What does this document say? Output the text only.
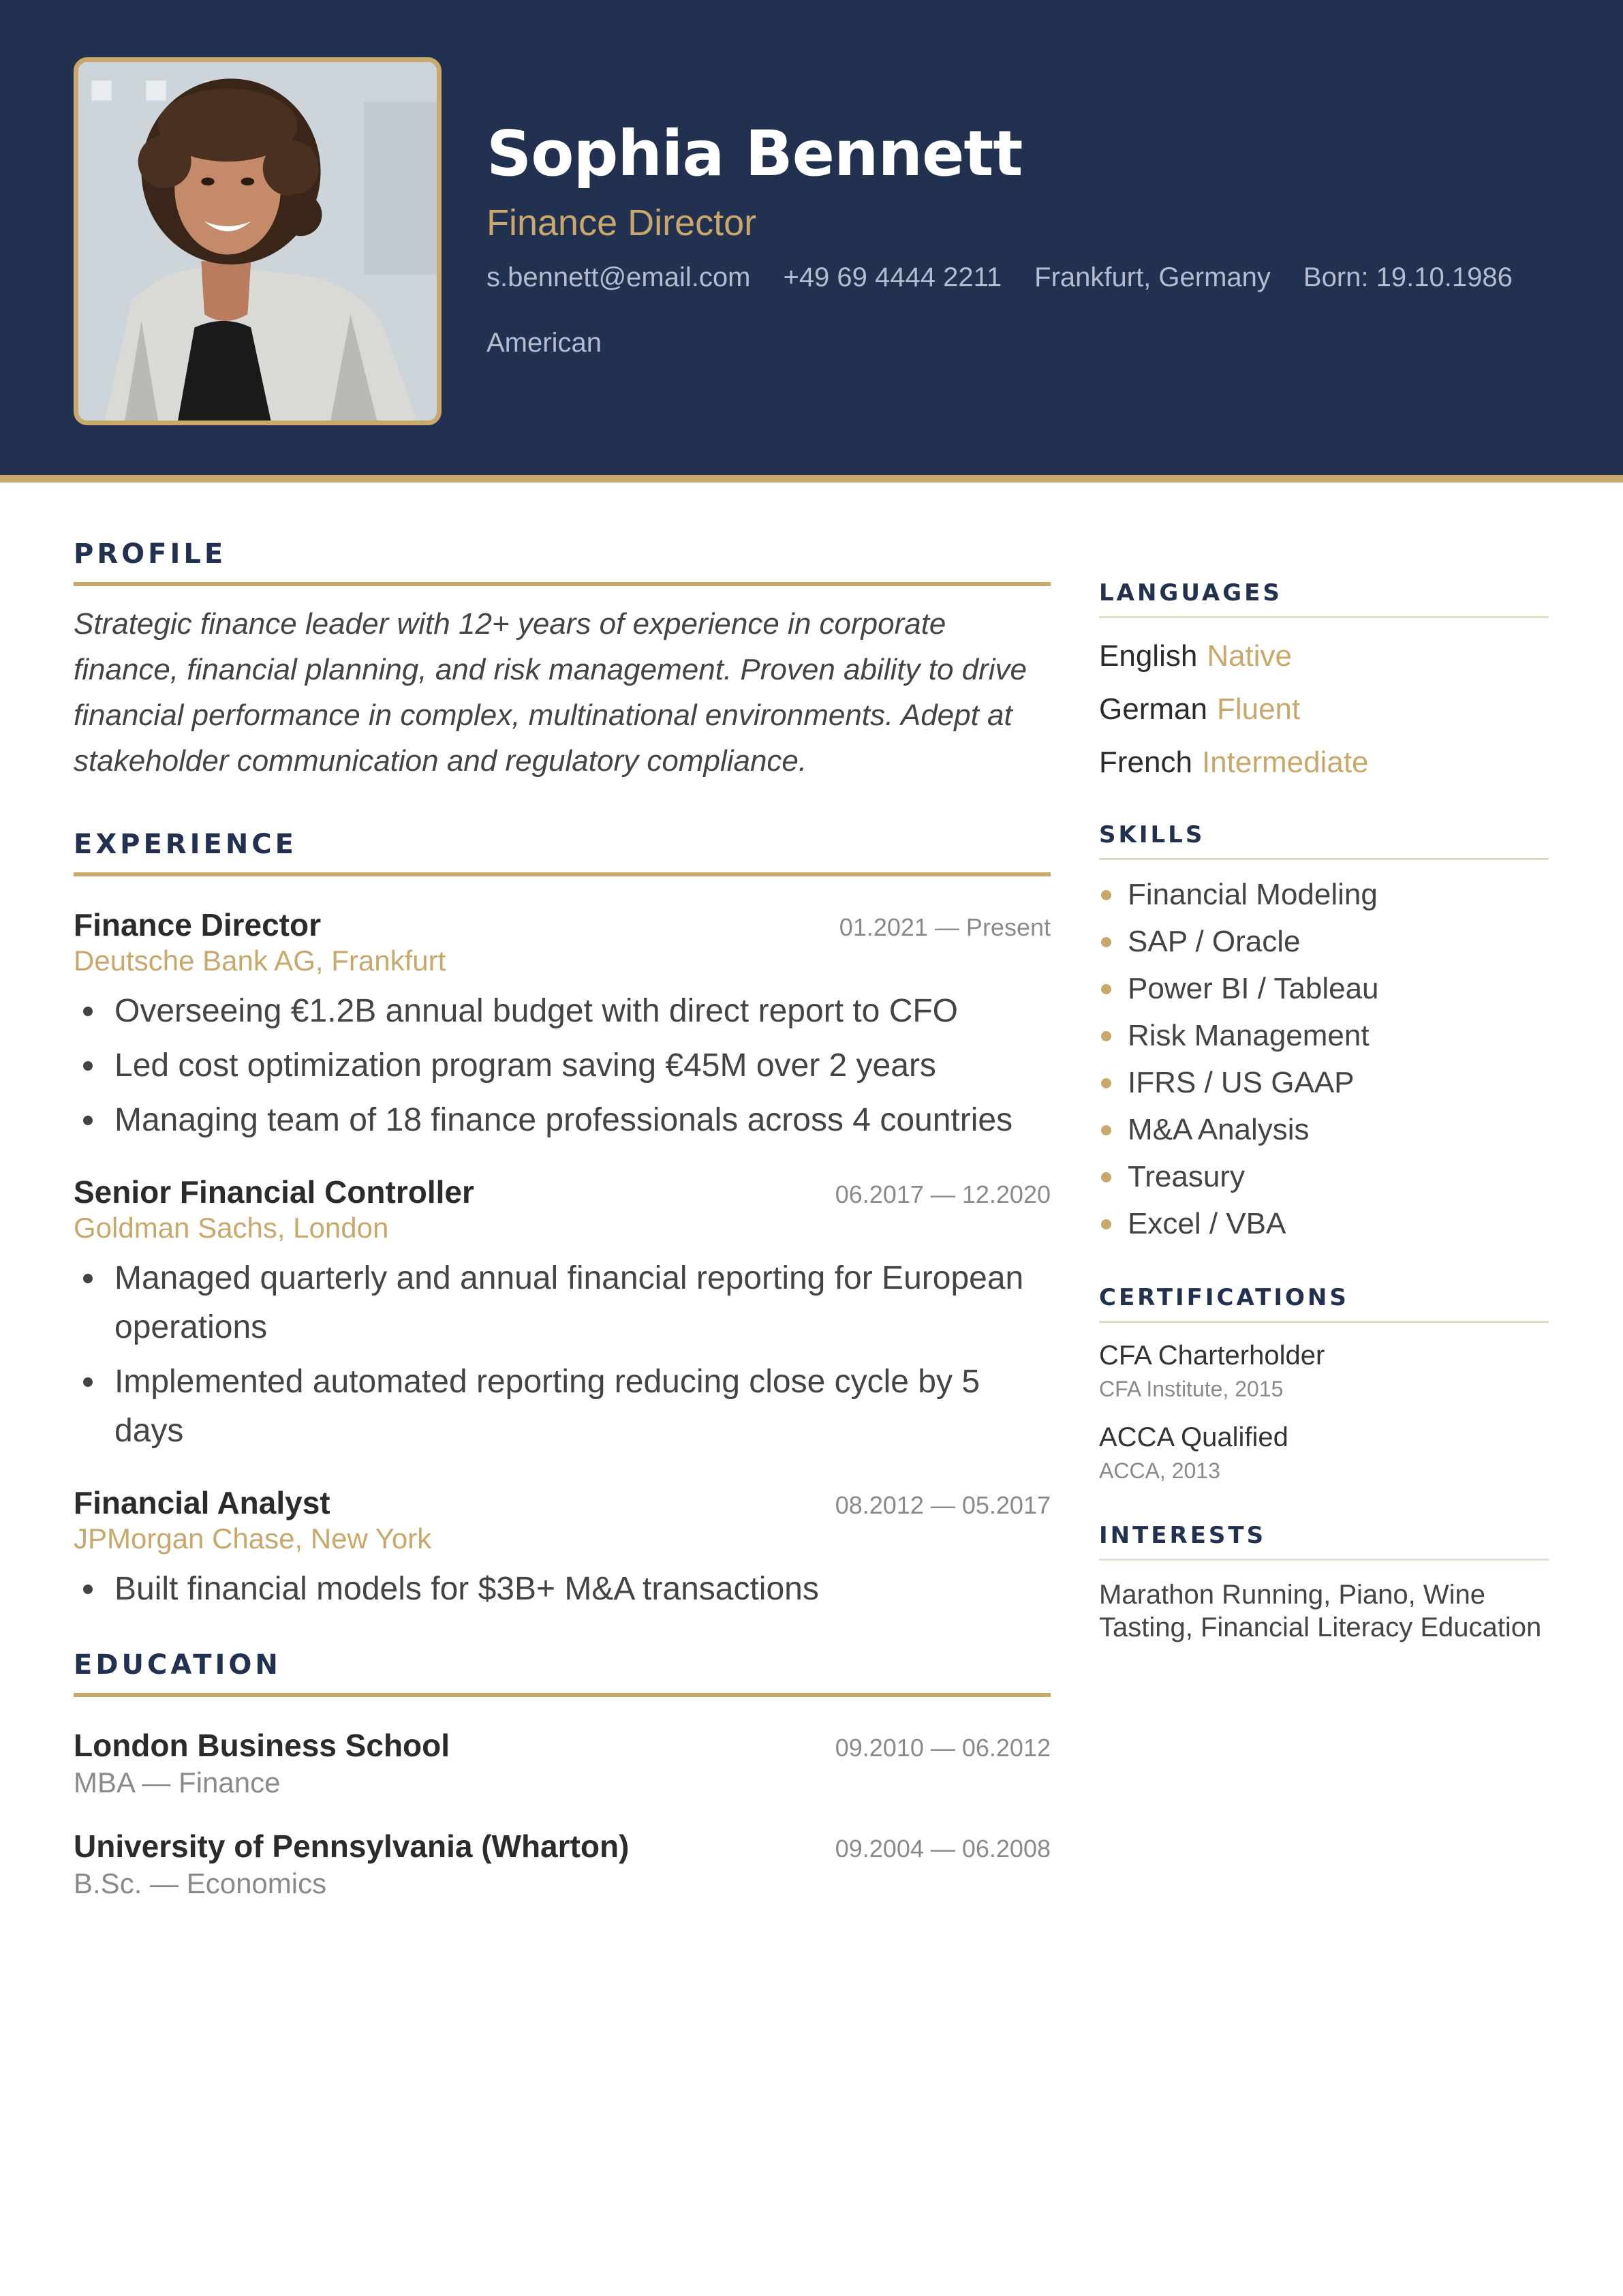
Sophia Bennett
Finance Director
s.bennett@email.com +49 69 4444 2211 Frankfurt, Germany Born: 19.10.1986
American
PROFILE

Strategic finance leader with 12+ years of experience in corporate finance, financial planning, and risk management. Proven ability to drive financial performance in complex, multinational environments. Adept at stakeholder communication and regulatory compliance.

EXPERIENCE
Finance Director	01.2021 — Present
Deutsche Bank AG, Frankfurt
Overseeing €1.2B annual budget with direct report to CFO
Led cost optimization program saving €45M over 2 years
Managing team of 18 finance professionals across 4 countries
Senior Financial Controller	06.2017 — 12.2020
Goldman Sachs, London
Managed quarterly and annual financial reporting for European operations
Implemented automated reporting reducing close cycle by 5 days
Financial Analyst	08.2012 — 05.2017
JPMorgan Chase, New York
Built financial models for $3B+ M&A transactions
EDUCATION
London Business School	09.2010 — 06.2012
MBA — Finance
University of Pennsylvania (Wharton)	09.2004 — 06.2008
B.Sc. — Economics
LANGUAGES
English Native
German Fluent
French Intermediate
SKILLS
Financial Modeling
SAP / Oracle
Power BI / Tableau
Risk Management
IFRS / US GAAP
M&A Analysis
Treasury
Excel / VBA
CERTIFICATIONS
CFA Charterholder
CFA Institute, 2015
ACCA Qualified
ACCA, 2013
INTERESTS

Marathon Running, Piano, Wine Tasting, Financial Literacy Education
